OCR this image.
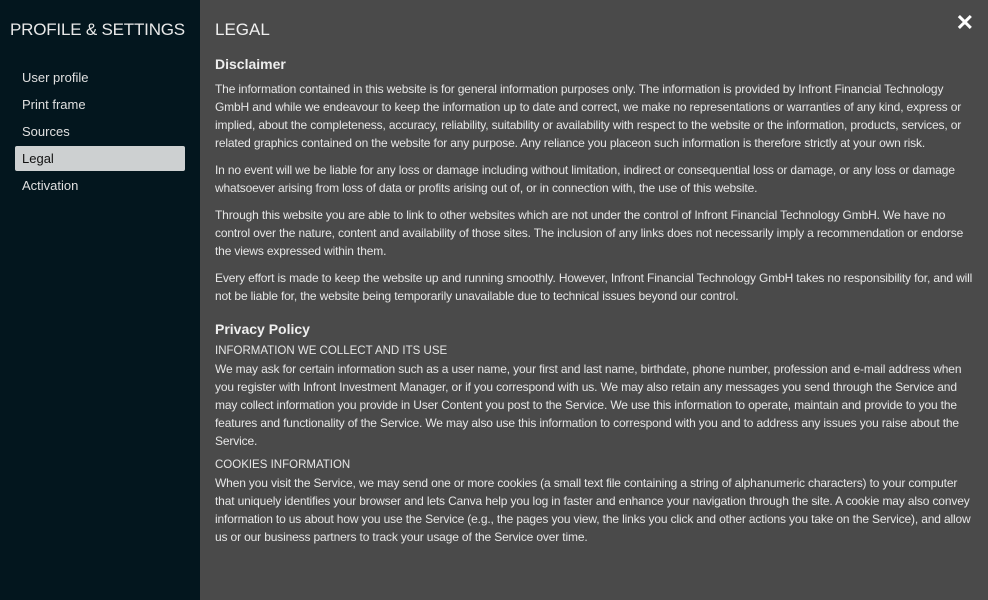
PROFILE & SETTINGS
User profile
Print frame
Sources
Legal
Activation
✕
LEGAL
Disclaimer

The information contained in this website is for general information purposes only. The information is provided by Infront Financial Technology GmbH and while we endeavour to keep the information up to date and correct, we make no representations or warranties of any kind, express or implied, about the completeness, accuracy, reliability, suitability or availability with respect to the website or the information, products, services, or related graphics contained on the website for any purpose. Any reliance you placeon such information is therefore strictly at your own risk.

In no event will we be liable for any loss or damage including without limitation, indirect or consequential loss or damage, or any loss or damage whatsoever arising from loss of data or profits arising out of, or in connection with, the use of this website.

Through this website you are able to link to other websites which are not under the control of Infront Financial Technology GmbH. We have no control over the nature, content and availability of those sites. The inclusion of any links does not necessarily imply a recommendation or endorse the views expressed within them.

Every effort is made to keep the website up and running smoothly. However, Infront Financial Technology GmbH takes no responsibility for, and will not be liable for, the website being temporarily unavailable due to technical issues beyond our control.

Privacy Policy
INFORMATION WE COLLECT AND ITS USE

We may ask for certain information such as a user name, your first and last name, birthdate, phone number, profession and e-mail address when you register with Infront Investment Manager, or if you correspond with us. We may also retain any messages you send through the Service and may collect information you provide in User Content you post to the Service. We use this information to operate, maintain and provide to you the features and functionality of the Service. We may also use this information to correspond with you and to address any issues you raise about the Service.

COOKIES INFORMATION

When you visit the Service, we may send one or more cookies (a small text file containing a string of alphanumeric characters) to your computer that uniquely identifies your browser and lets Canva help you log in faster and enhance your navigation through the site. A cookie may also convey information to us about how you use the Service (e.g., the pages you view, the links you click and other actions you take on the Service), and allow us or our business partners to track your usage of the Service over time.
